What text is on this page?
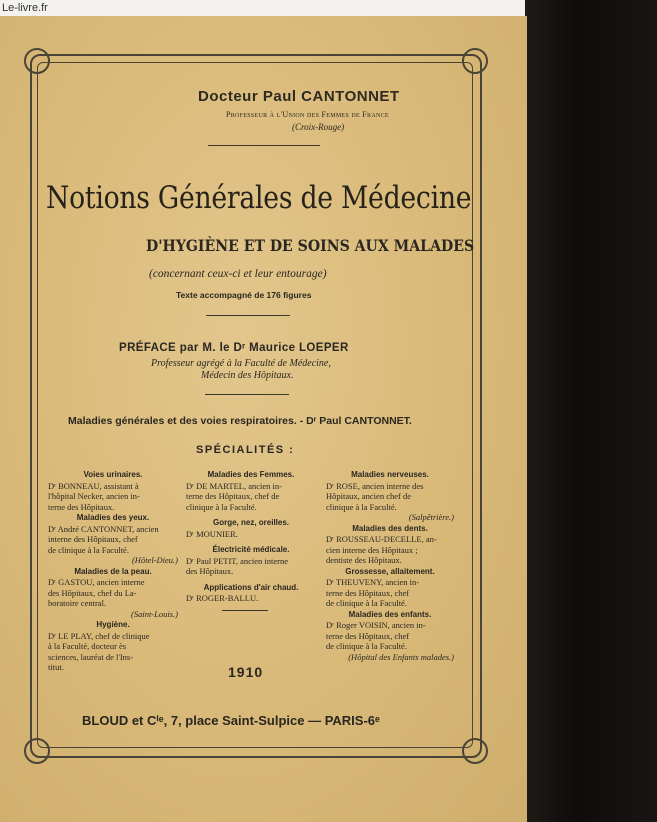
Le-livre.fr
Docteur Paul CANTONNET
Professeur à l'Union des Femmes de France
(Croix-Rouge)
Notions Générales de Médecine
D'HYGIÈNE ET DE SOINS AUX MALADES
(concernant ceux-ci et leur entourage)
Texte accompagné de 176 figures
PRÉFACE par M. le Dʳ Maurice LOEPER
Professeur agrégé à la Faculté de Médecine,
Médecin des Hôpitaux.
Maladies générales et des voies respiratoires. - Dʳ Paul CANTONNET.
SPÉCIALITÉS :
Voies urinaires.
Dʳ BONNEAU, assistant à
l'hôpital Necker, ancien in-
terne des Hôpitaux.
Maladies des yeux.
Dʳ André CANTONNET, ancien
interne des Hôpitaux, chef
de clinique à la Faculté.
(Hôtel-Dieu.)
Maladies de la peau.
Dʳ GASTOU, ancien interne
des Hôpitaux, chef du La-
boratoire central.
(Saint-Louis.)
Hygiène.
Dʳ LE PLAY, chef de clinique
à la Faculté, docteur ès
sciences, lauréat de l'Ins-
titut.
Maladies des Femmes.
Dʳ DE MARTEL, ancien in-
terne des Hôpitaux, chef de
clinique à la Faculté.
Gorge, nez, oreilles.
Dʳ MOUNIER.
Électricité médicale.
Dʳ Paul PETIT, ancien interne
des Hôpitaux.
Applications d'air chaud.
Dʳ ROGER-BALLU.
Maladies nerveuses.
Dʳ ROSE, ancien interne des
Hôpitaux, ancien chef de
clinique à la Faculté.
(Salpêtrière.)
Maladies des dents.
Dʳ ROUSSEAU-DECELLE, an-
cien interne des Hôpitaux ;
dentiste des Hôpitaux.
Grossesse, allaitement.
Dʳ THEUVENY, ancien in-
terne des Hôpitaux, chef
de clinique à la Faculté.
Maladies des enfants.
Dʳ Roger VOISIN, ancien in-
terne des Hôpitaux, chef
de clinique à la Faculté.
(Hôpital des Enfants malades.)
1910
BLOUD et Cⁱᵉ, 7, place Saint-Sulpice — PARIS-6ᵉ
